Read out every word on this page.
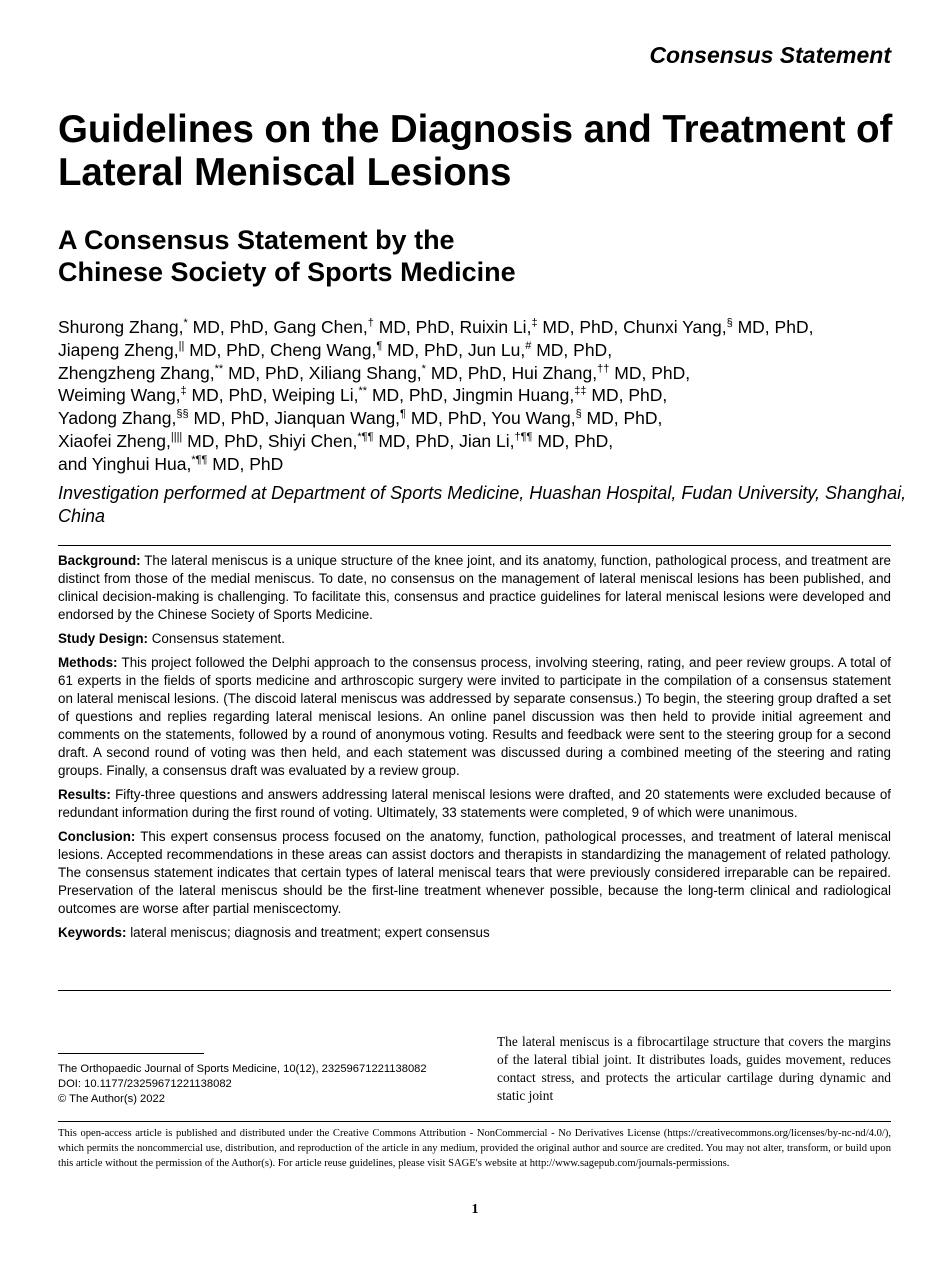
Consensus Statement
Guidelines on the Diagnosis and Treatment of Lateral Meniscal Lesions
A Consensus Statement by the
Chinese Society of Sports Medicine
Shurong Zhang,* MD, PhD, Gang Chen,† MD, PhD, Ruixin Li,‡ MD, PhD, Chunxi Yang,§ MD, PhD,
Jiapeng Zheng,|| MD, PhD, Cheng Wang,¶ MD, PhD, Jun Lu,# MD, PhD,
Zhengzheng Zhang,** MD, PhD, Xiliang Shang,* MD, PhD, Hui Zhang,†† MD, PhD,
Weiming Wang,‡ MD, PhD, Weiping Li,** MD, PhD, Jingmin Huang,‡‡ MD, PhD,
Yadong Zhang,§§ MD, PhD, Jianquan Wang,¶ MD, PhD, You Wang,§ MD, PhD,
Xiaofei Zheng,|||| MD, PhD, Shiyi Chen,*¶¶ MD, PhD, Jian Li,†¶¶ MD, PhD,
and Yinghui Hua,*¶¶ MD, PhD
Investigation performed at Department of Sports Medicine, Huashan Hospital, Fudan University, Shanghai, China

Background: The lateral meniscus is a unique structure of the knee joint, and its anatomy, function, pathological process, and treatment are distinct from those of the medial meniscus. To date, no consensus on the management of lateral meniscal lesions has been published, and clinical decision-making is challenging. To facilitate this, consensus and practice guidelines for lateral meniscal lesions were developed and endorsed by the Chinese Society of Sports Medicine.

Study Design: Consensus statement.

Methods: This project followed the Delphi approach to the consensus process, involving steering, rating, and peer review groups. A total of 61 experts in the fields of sports medicine and arthroscopic surgery were invited to participate in the compilation of a consensus statement on lateral meniscal lesions. (The discoid lateral meniscus was addressed by separate consensus.) To begin, the steering group drafted a set of questions and replies regarding lateral meniscal lesions. An online panel discussion was then held to provide initial agreement and comments on the statements, followed by a round of anonymous voting. Results and feedback were sent to the steering group for a second draft. A second round of voting was then held, and each statement was discussed during a combined meeting of the steering and rating groups. Finally, a consensus draft was evaluated by a review group.

Results: Fifty-three questions and answers addressing lateral meniscal lesions were drafted, and 20 statements were excluded because of redundant information during the first round of voting. Ultimately, 33 statements were completed, 9 of which were unanimous.

Conclusion: This expert consensus process focused on the anatomy, function, pathological processes, and treatment of lateral meniscal lesions. Accepted recommendations in these areas can assist doctors and therapists in standardizing the management of related pathology. The consensus statement indicates that certain types of lateral meniscal tears that were previously considered irreparable can be repaired. Preservation of the lateral meniscus should be the first-line treatment whenever possible, because the long-term clinical and radiological outcomes are worse after partial meniscectomy.

Keywords: lateral meniscus; diagnosis and treatment; expert consensus

The Orthopaedic Journal of Sports Medicine, 10(12), 23259671221138082
DOI: 10.1177/23259671221138082
© The Author(s) 2022
The lateral meniscus is a fibrocartilage structure that covers the margins of the lateral tibial joint. It distributes loads, guides movement, reduces contact stress, and protects the articular cartilage during dynamic and static joint
This open-access article is published and distributed under the Creative Commons Attribution - NonCommercial - No Derivatives License (https://creativecommons.org/licenses/by-nc-nd/4.0/), which permits the noncommercial use, distribution, and reproduction of the article in any medium, provided the original author and source are credited. You may not alter, transform, or build upon this article without the permission of the Author(s). For article reuse guidelines, please visit SAGE's website at http://www.sagepub.com/journals-permissions.
1
